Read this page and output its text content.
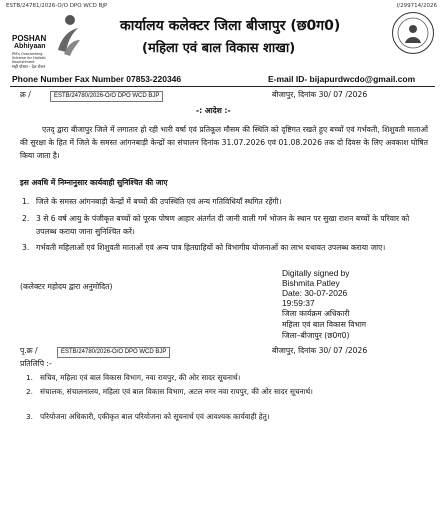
ESTB/24781/2026-O/O DPO WCD BJP	I/299714/2026
POSHAN
Abhiyaan
PM's Overarching Scheme for Holistic Nourishment
सही पोषण - देश रोशन
कार्यालय कलेक्टर जिला बीजापुर (छ0ग0)
(महिला एवं बाल विकास शाखा)
Phone Number Fax Number 07853-220346	E-mail ID- bijapurdwcdo@gmail.com
क्र /	ESTB/24780/2026-O/O DPO WCD BJP	बीजापुर, दिनांक 30/ 07 /2026
-: आदेश :-
एतद् द्वारा बीजापुर जिले में लगातार हो रही भारी वर्षा एवं प्रतिकूल मौसम की स्थिति को दृष्टिगत रखते हुए बच्चों एवं गर्भवती, शिशुवती माताओं की सुरक्षा के हित में जिले के समस्त आंगनबाड़ी केन्द्रों का संचालन दिनांक 31.07.2026 एवं 01.08.2026 तक दो दिवस के लिए अवकाश घोषित किया जाता है।
इस अवधि में निम्नानुसार कार्यवाही सुनिश्चित की जाए
1. जिले के समस्त आंगनबाड़ी केन्द्रों में बच्चों की उपस्थिति एवं अन्य गतिविधियाँ स्थगित रहेंगी।
2. 3 से 6 वर्ष आयु के पंजीकृत बच्चों को पूरक पोषण आहार अंतर्गत दी जानी वाली गर्म भोजन के स्थान पर सुखा राशन बच्चों के परिवार को उपलब्ध कराया जाना सुनिश्चित करें।
3. गर्भवती महिलाओं एवं शिशुवती माताओं एवं अन्य पात्र हितग्राहियों को विभागीय योजनाओं का लाभ यथावत उपलब्ध कराया जाए।
(कलेक्टर महोदय द्वारा अनुमोदित)
Digitally signed by
Bishmita Patley
Date: 30-07-2026
19:59:37
जिला कार्यक्रम अधिकारी
महिला एवं बाल विकास विभाग
जिला–बीजापुर (छ0ग0)
पृ.क्र /	ESTB/24780/2026-O/O DPO WCD BJP	बीजापुर, दिनांक 30/ 07 /2026
प्रतिलिपि :-
1. सचिव, महिला एवं बाल विकास विभाग, नवा रायपुर, की ओर सादर सूचनार्थ।
2. संचालक, संचालनालय, महिला एवं बाल विकास विभाग, अटल नगर नवा रायपुर, की ओर सादर सूचनार्थ।
3. परियोजना अधिकारी, एकीकृत बाल परियोजना को सूचनार्थ एवं आवश्यक कार्यवाही हेतु।
